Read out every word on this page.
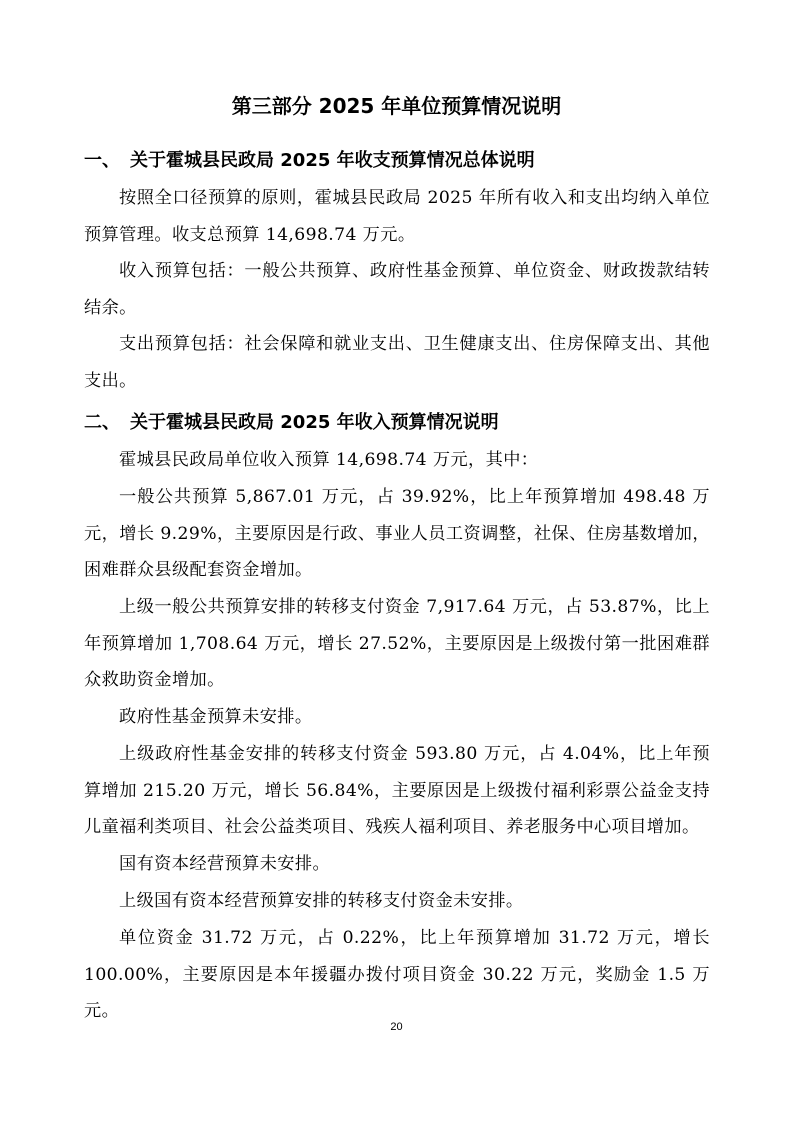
第三部分 2025 年单位预算情况说明
一、 关于霍城县民政局 2025 年收支预算情况总体说明

按照全口径预算的原则，霍城县民政局 2025 年所有收入和支出均纳入单位预算管理。收支总预算 14,698.74 万元。

收入预算包括：一般公共预算、政府性基金预算、单位资金、财政拨款结转结余。

支出预算包括：社会保障和就业支出、卫生健康支出、住房保障支出、其他支出。

二、 关于霍城县民政局 2025 年收入预算情况说明

霍城县民政局单位收入预算 14,698.74 万元，其中：

一般公共预算 5,867.01 万元，占 39.92%，比上年预算增加 498.48 万元，增长 9.29%，主要原因是行政、事业人员工资调整，社保、住房基数增加，困难群众县级配套资金增加。

上级一般公共预算安排的转移支付资金 7,917.64 万元，占 53.87%，比上年预算增加 1,708.64 万元，增长 27.52%，主要原因是上级拨付第一批困难群众救助资金增加。

政府性基金预算未安排。

上级政府性基金安排的转移支付资金 593.80 万元，占 4.04%，比上年预算增加 215.20 万元，增长 56.84%，主要原因是上级拨付福利彩票公益金支持儿童福利类项目、社会公益类项目、残疾人福利项目、养老服务中心项目增加。

国有资本经营预算未安排。

上级国有资本经营预算安排的转移支付资金未安排。

单位资金 31.72 万元，占 0.22%，比上年预算增加 31.72 万元，增长 100.00%，主要原因是本年援疆办拨付项目资金 30.22 万元，奖励金 1.5 万元。

20
